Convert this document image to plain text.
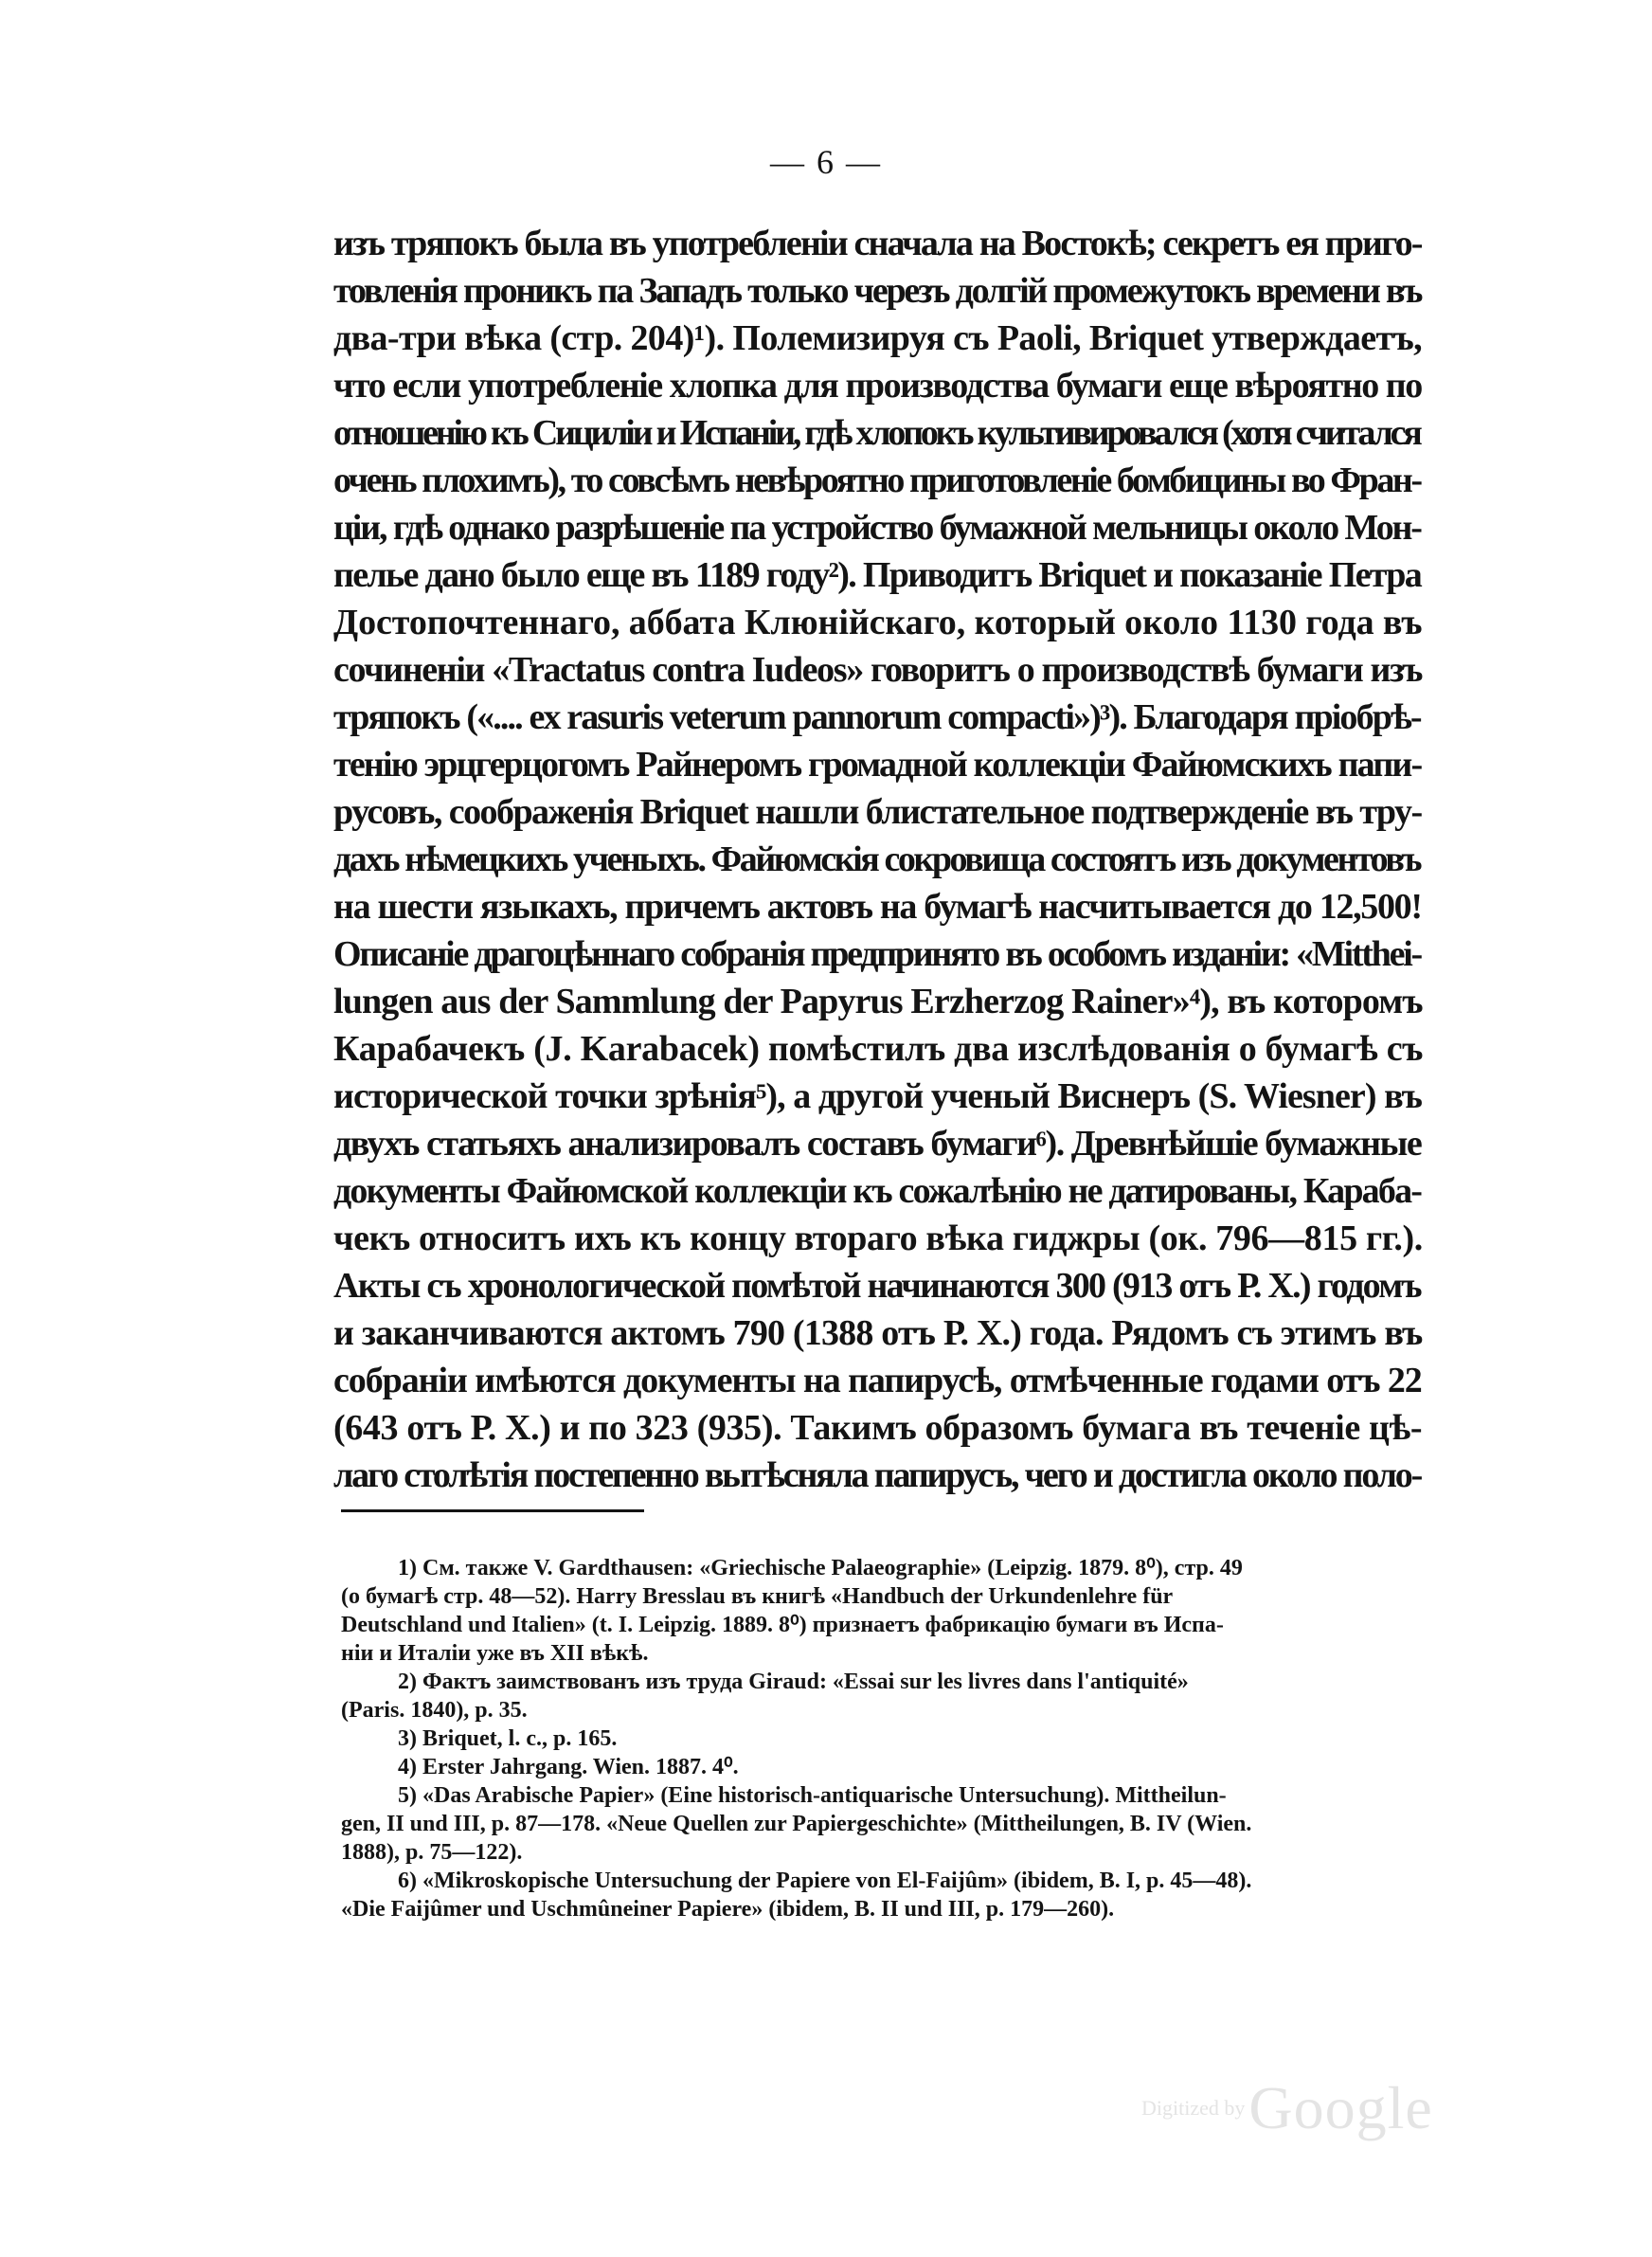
— 6 —
изъ тряпокъ была въ употребленіи сначала на Востокѣ; секретъ ея приго-
товленія проникъ па Западъ только черезъ долгій промежутокъ времени въ
два-три вѣка (стр. 204)¹). Полемизируя съ Paoli, Briquet утверждаетъ,
что если употребленіе хлопка для производства бумаги еще вѣроятно по
отношенію къ Сициліи и Испаніи, гдѣ хлопокъ культивировался (хотя считался
очень плохимъ), то совсѣмъ невѣроятно приготовленіе бомбицины во Фран-
ціи, гдѣ однако разрѣшеніе па устройство бумажной мельницы около Мон-
пелье дано было еще въ 1189 году²). Приводитъ Briquet и показаніе Петра
Достопочтеннаго, аббата Клюнійскаго, который около 1130 года въ
сочиненіи «Tractatus contra Iudeos» говоритъ о производствѣ бумаги изъ
тряпокъ («.... ex rasuris veterum pannorum compacti»)³). Благодаря пріобрѣ-
тенію эрцгерцогомъ Райнеромъ громадной коллекціи Файюмскихъ папи-
русовъ, соображенія Briquet нашли блистательное подтвержденіе въ тру-
дахъ нѣмецкихъ ученыхъ. Файюмскія сокровища состоятъ изъ документовъ
на шести языкахъ, причемъ актовъ на бумагѣ насчитывается до 12,500!
Описаніе драгоцѣннаго собранія предпринято въ особомъ изданіи: «Mitthei-
lungen aus der Sammlung der Papyrus Erzherzog Rainer»⁴), въ которомъ
Карабачекъ (J. Karabacek) помѣстилъ два изслѣдованія о бумагѣ съ
исторической точки зрѣнія⁵), а другой ученый Виснеръ (S. Wiesner) въ
двухъ статьяхъ анализировалъ составъ бумаги⁶). Древнѣйшіе бумажные
документы Файюмской коллекціи къ сожалѣнію не датированы, Караба-
чекъ относитъ ихъ къ концу втораго вѣка гиджры (ок. 796—815 гг.).
Акты съ хронологической помѣтой начинаются 300 (913 отъ Р. Х.) годомъ
и заканчиваются актомъ 790 (1388 отъ Р. Х.) года. Рядомъ съ этимъ въ
собраніи имѣются документы на папирусѣ, отмѣченные годами отъ 22
(643 отъ Р. Х.) и по 323 (935). Такимъ образомъ бумага въ теченіе цѣ-
лаго столѣтія постепенно вытѣсняла папирусъ, чего и достигла около поло-
1) См. также V. Gardthausen: «Griechische Palaeographie» (Leipzig. 1879. 8⁰), стр. 49
(о бумагѣ стр. 48—52). Harry Bresslau въ книгѣ «Handbuch der Urkundenlehre für
Deutschland und Italien» (t. I. Leipzig. 1889. 8⁰) признаетъ фабрикацію бумаги въ Испа-
ніи и Италіи уже въ XII вѣкѣ.
2) Фактъ заимствованъ изъ труда Giraud: «Essai sur les livres dans l'antiquité»
(Paris. 1840), p. 35.
3) Briquet, l. c., p. 165.
4) Erster Jahrgang. Wien. 1887. 4⁰.
5) «Das Arabische Papier» (Eine historisch-antiquarische Untersuchung). Mittheilun-
gen, II und III, p. 87—178. «Neue Quellen zur Papiergeschichte» (Mittheilungen, B. IV (Wien.
1888), p. 75—122).
6) «Mikroskopische Untersuchung der Papiere von El-Faijûm» (ibidem, B. I, p. 45—48).
«Die Faijûmer und Uschmûneiner Papiere» (ibidem, B. II und III, p. 179—260).
Digitized by Google
